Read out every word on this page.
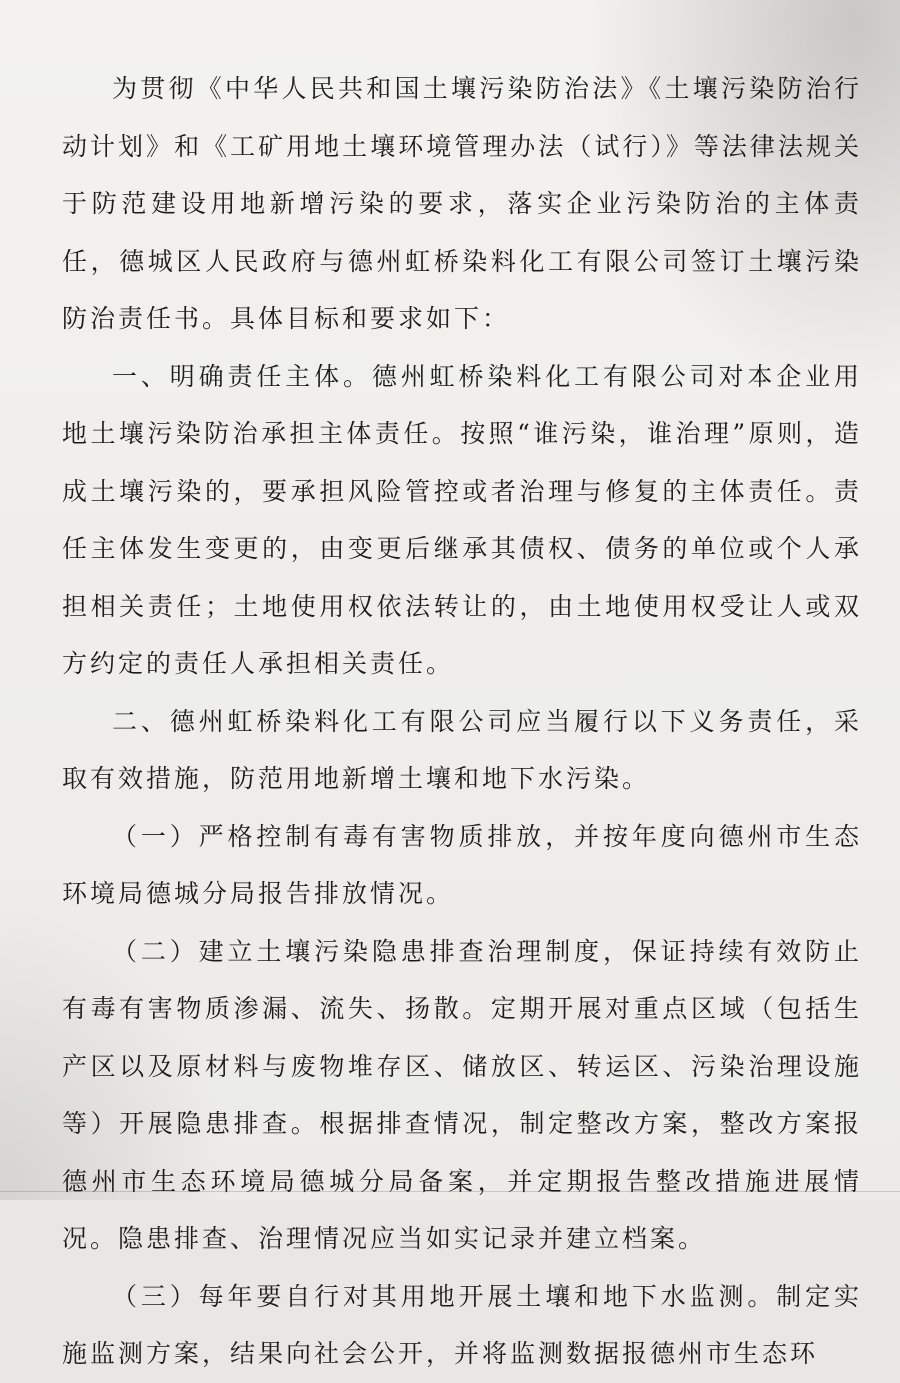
为贯彻《中华人民共和国土壤污染防治法》《土壤污染防治行动计划》和《工矿用地土壤环境管理办法（试行）》等法律法规关于防范建设用地新增污染的要求，落实企业污染防治的主体责任，德城区人民政府与德州虹桥染料化工有限公司签订土壤污染防治责任书。具体目标和要求如下：

一、明确责任主体。德州虹桥染料化工有限公司对本企业用地土壤污染防治承担主体责任。按照“谁污染，谁治理”原则，造成土壤污染的，要承担风险管控或者治理与修复的主体责任。责任主体发生变更的，由变更后继承其债权、债务的单位或个人承担相关责任；土地使用权依法转让的，由土地使用权受让人或双方约定的责任人承担相关责任。

二、德州虹桥染料化工有限公司应当履行以下义务责任，采取有效措施，防范用地新增土壤和地下水污染。

（一）严格控制有毒有害物质排放，并按年度向德州市生态环境局德城分局报告排放情况。

（二）建立土壤污染隐患排查治理制度，保证持续有效防止有毒有害物质渗漏、流失、扬散。定期开展对重点区域（包括生产区以及原材料与废物堆存区、储放区、转运区、污染治理设施等）开展隐患排查。根据排查情况，制定整改方案，整改方案报德州市生态环境局德城分局备案，并定期报告整改措施进展情况。隐患排查、治理情况应当如实记录并建立档案。

（三）每年要自行对其用地开展土壤和地下水监测。制定实施监测方案，结果向社会公开，并将监测数据报德州市生态环
